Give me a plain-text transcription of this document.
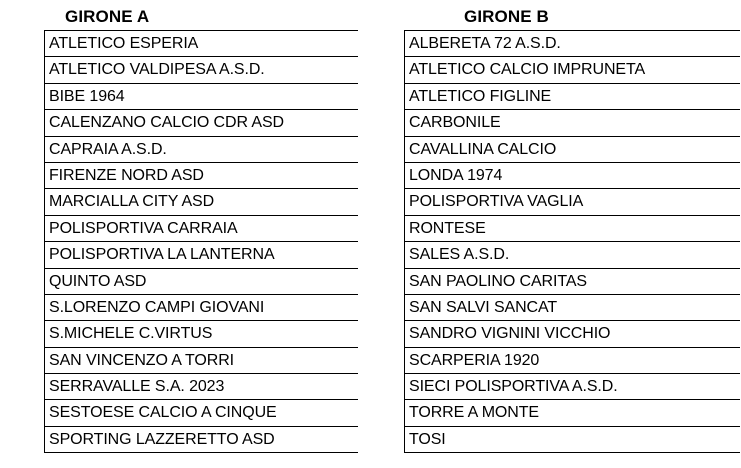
GIRONE A
ATLETICO ESPERIA
ATLETICO VALDIPESA A.S.D.
BIBE 1964
CALENZANO CALCIO CDR ASD
CAPRAIA A.S.D.
FIRENZE NORD ASD
MARCIALLA CITY ASD
POLISPORTIVA CARRAIA
POLISPORTIVA LA LANTERNA
QUINTO ASD
S.LORENZO CAMPI GIOVANI
S.MICHELE C.VIRTUS
SAN VINCENZO A TORRI
SERRAVALLE S.A. 2023
SESTOESE CALCIO A CINQUE
SPORTING LAZZERETTO ASD
GIRONE B
ALBERETA 72 A.S.D.
ATLETICO CALCIO IMPRUNETA
ATLETICO FIGLINE
CARBONILE
CAVALLINA CALCIO
LONDA 1974
POLISPORTIVA VAGLIA
RONTESE
SALES A.S.D.
SAN PAOLINO CARITAS
SAN SALVI SANCAT
SANDRO VIGNINI VICCHIO
SCARPERIA 1920
SIECI POLISPORTIVA A.S.D.
TORRE A MONTE
TOSI
